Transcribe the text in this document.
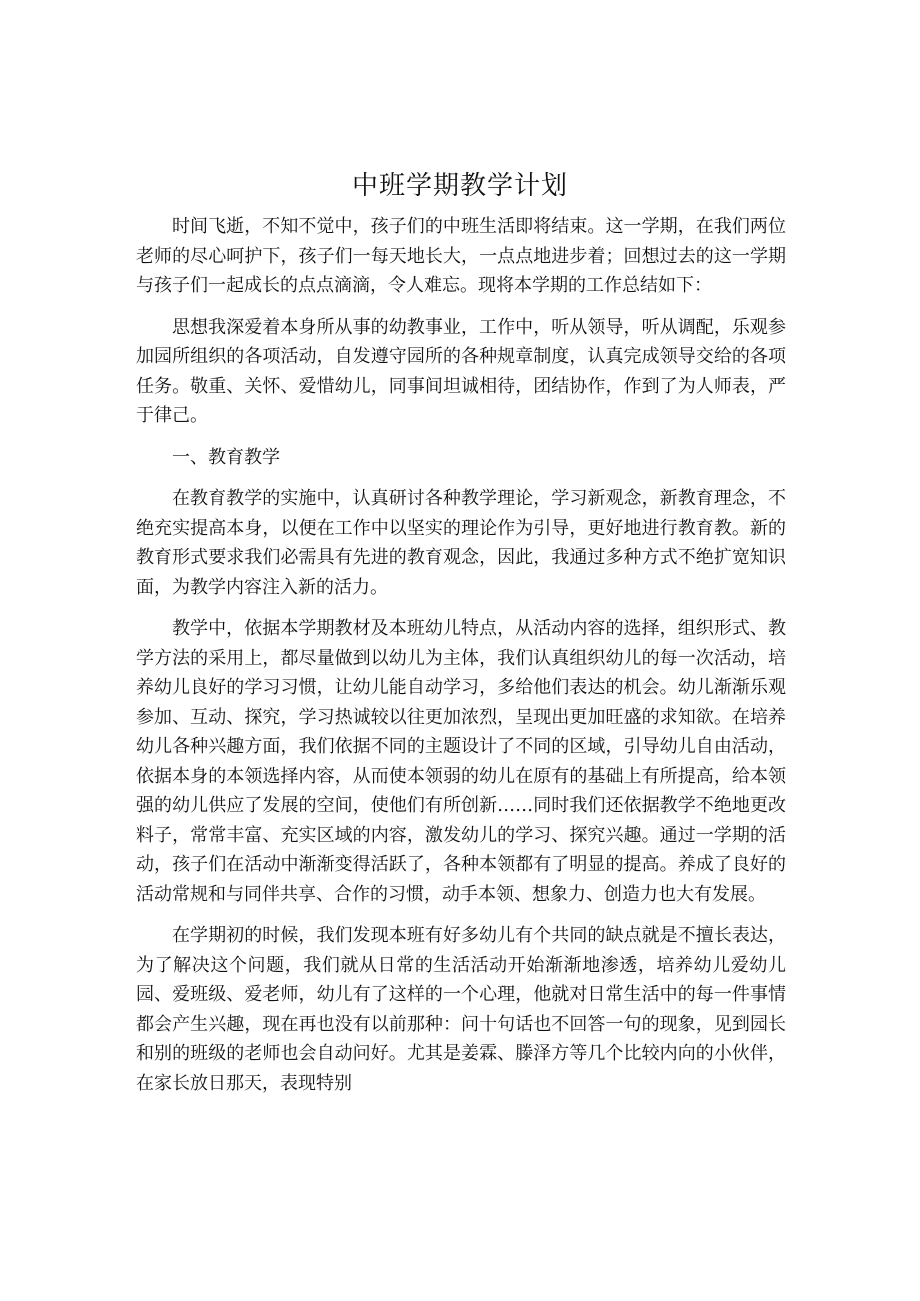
中班学期教学计划

时间飞逝，不知不觉中，孩子们的中班生活即将结束。这一学期，在我们两位老师的尽心呵护下，孩子们一每天地长大，一点点地进步着；回想过去的这一学期与孩子们一起成长的点点滴滴，令人难忘。现将本学期的工作总结如下：

思想我深爱着本身所从事的幼教事业，工作中，听从领导，听从调配，乐观参加园所组织的各项活动，自发遵守园所的各种规章制度，认真完成领导交给的各项任务。敬重、关怀、爱惜幼儿，同事间坦诚相待，团结协作，作到了为人师表，严于律己。

一、教育教学

在教育教学的实施中，认真研讨各种教学理论，学习新观念，新教育理念，不绝充实提高本身，以便在工作中以坚实的理论作为引导，更好地进行教育教。新的教育形式要求我们必需具有先进的教育观念，因此，我通过多种方式不绝扩宽知识面，为教学内容注入新的活力。

教学中，依据本学期教材及本班幼儿特点，从活动内容的选择，组织形式、教学方法的采用上，都尽量做到以幼儿为主体，我们认真组织幼儿的每一次活动，培养幼儿良好的学习习惯，让幼儿能自动学习，多给他们表达的机会。幼儿渐渐乐观参加、互动、探究，学习热诚较以往更加浓烈，呈现出更加旺盛的求知欲。在培养幼儿各种兴趣方面，我们依据不同的主题设计了不同的区域，引导幼儿自由活动，依据本身的本领选择内容，从而使本领弱的幼儿在原有的基础上有所提高，给本领强的幼儿供应了发展的空间，使他们有所创新……同时我们还依据教学不绝地更改料子，常常丰富、充实区域的内容，激发幼儿的学习、探究兴趣。通过一学期的活动，孩子们在活动中渐渐变得活跃了，各种本领都有了明显的提高。养成了良好的活动常规和与同伴共享、合作的习惯，动手本领、想象力、创造力也大有发展。

在学期初的时候，我们发现本班有好多幼儿有个共同的缺点就是不擅长表达，为了解决这个问题，我们就从日常的生活活动开始渐渐地渗透，培养幼儿爱幼儿园、爱班级、爱老师，幼儿有了这样的一个心理，他就对日常生活中的每一件事情都会产生兴趣，现在再也没有以前那种：问十句话也不回答一句的现象，见到园长和别的班级的老师也会自动问好。尤其是姜霖、滕泽方等几个比较内向的小伙伴，在家长放日那天，表现特别
